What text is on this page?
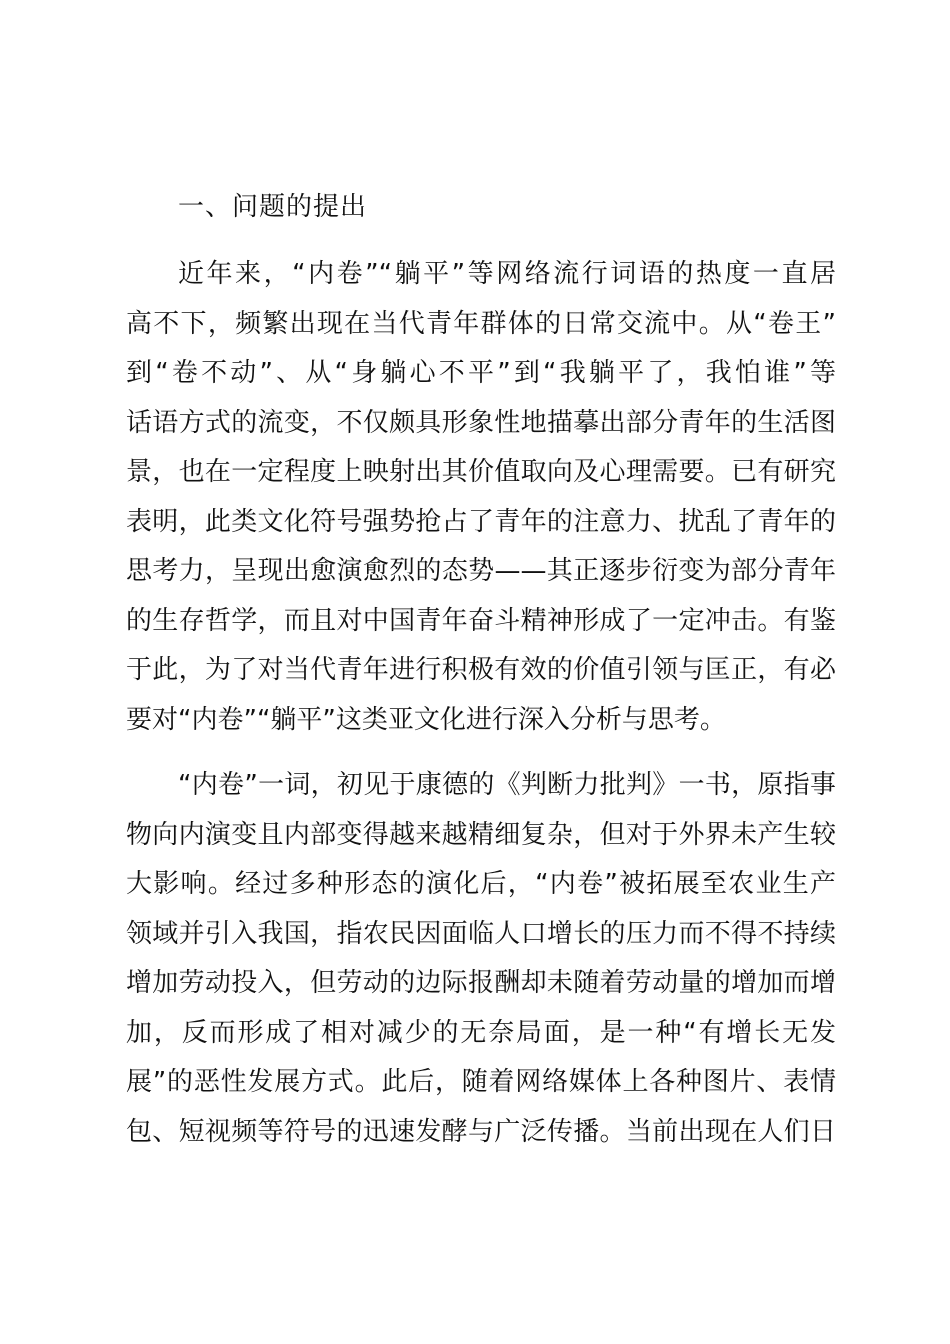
一、问题的提出
近年来，“内卷”“躺平”等网络流行词语的热度一直居
高不下，频繁出现在当代青年群体的日常交流中。从“卷王”
到“卷不动”、从“身躺心不平”到“我躺平了，我怕谁”等
话语方式的流变，不仅颇具形象性地描摹出部分青年的生活图
景，也在一定程度上映射出其价值取向及心理需要。已有研究
表明，此类文化符号强势抢占了青年的注意力、扰乱了青年的
思考力，呈现出愈演愈烈的态势——其正逐步衍变为部分青年
的生存哲学，而且对中国青年奋斗精神形成了一定冲击。有鉴
于此，为了对当代青年进行积极有效的价值引领与匡正，有必
要对“内卷”“躺平”这类亚文化进行深入分析与思考。
“内卷”一词，初见于康德的《判断力批判》一书，原指事
物向内演变且内部变得越来越精细复杂，但对于外界未产生较
大影响。经过多种形态的演化后，“内卷”被拓展至农业生产
领域并引入我国，指农民因面临人口增长的压力而不得不持续
增加劳动投入，但劳动的边际报酬却未随着劳动量的增加而增
加，反而形成了相对减少的无奈局面，是一种“有增长无发
展”的恶性发展方式。此后，随着网络媒体上各种图片、表情
包、短视频等符号的迅速发酵与广泛传播。当前出现在人们日
